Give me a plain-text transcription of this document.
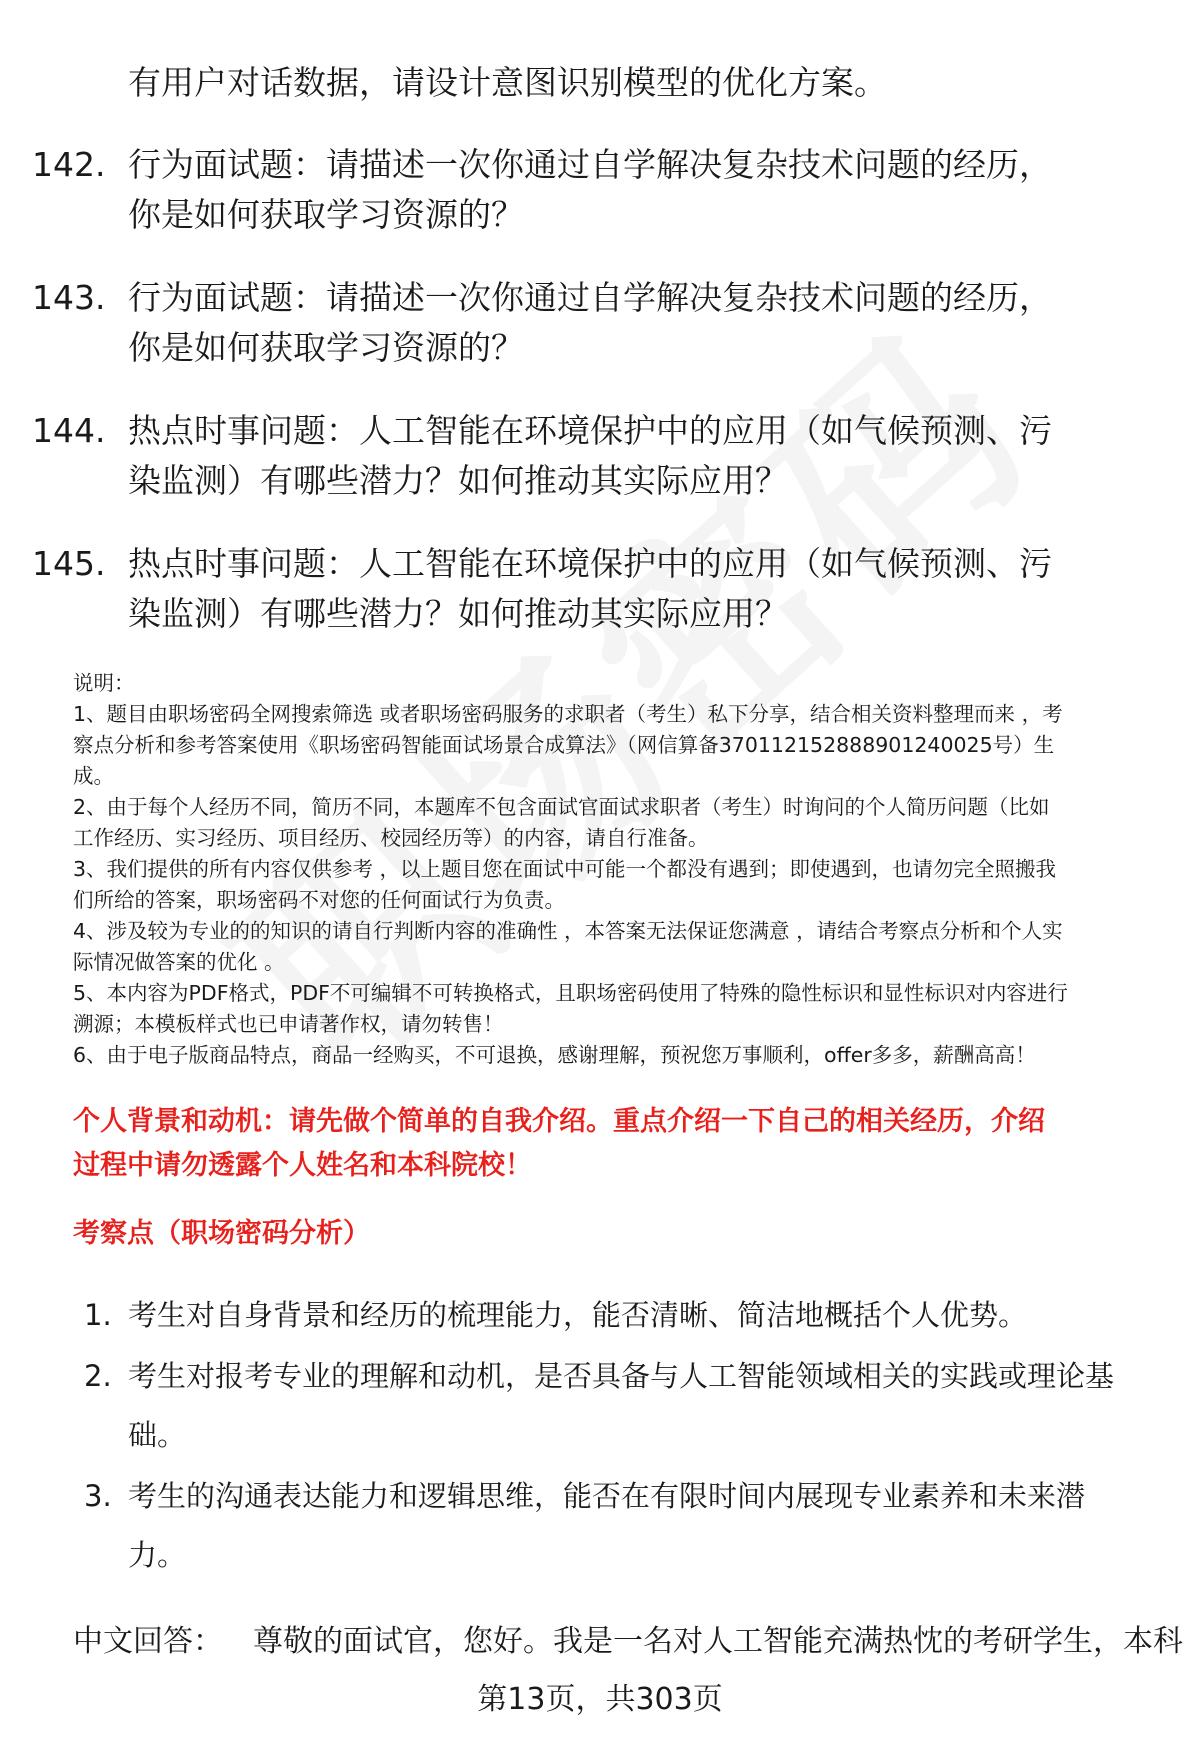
有用户对话数据，请设计意图识别模型的优化方案。
142. 行为面试题：请描述一次你通过自学解决复杂技术问题的经历，
你是如何获取学习资源的？
143. 行为面试题：请描述一次你通过自学解决复杂技术问题的经历，
你是如何获取学习资源的？
144. 热点时事问题：人工智能在环境保护中的应用（如气候预测、污
染监测）有哪些潜力？如何推动其实际应用？
145. 热点时事问题：人工智能在环境保护中的应用（如气候预测、污
染监测）有哪些潜力？如何推动其实际应用？

说明：

1、题目由职场密码全网搜索筛选 或者职场密码服务的求职者（考生）私下分享，结合相关资料整理而来 ，考

察点分析和参考答案使用《职场密码智能面试场景合成算法》（网信算备370112152888901240025号）生

成。

2、由于每个人经历不同，简历不同，本题库不包含面试官面试求职者（考生）时询问的个人简历问题（比如

工作经历、实习经历、项目经历、校园经历等）的内容，请自行准备。

3、我们提供的所有内容仅供参考 ，以上题目您在面试中可能一个都没有遇到；即使遇到，也请勿完全照搬我

们所给的答案，职场密码不对您的任何面试行为负责。

4、涉及较为专业的的知识的请自行判断内容的准确性 ，本答案无法保证您满意 ，请结合考察点分析和个人实

际情况做答案的优化 。

5、本内容为PDF格式，PDF不可编辑不可转换格式，且职场密码使用了特殊的隐性标识和显性标识对内容进行

溯源；本模板样式也已申请著作权，请勿转售！

6、由于电子版商品特点，商品一经购买，不可退换，感谢理解，预祝您万事顺利，offer多多，薪酬高高！

个人背景和动机：请先做个简单的自我介绍。重点介绍一下自己的相关经历，介绍
过程中请勿透露个人姓名和本科院校！
考察点（职场密码分析）
1. 考生对自身背景和经历的梳理能力，能否清晰、简洁地概括个人优势。
2. 考生对报考专业的理解和动机，是否具备与人工智能领域相关的实践或理论基
础。
3. 考生的沟通表达能力和逻辑思维，能否在有限时间内展现专业素养和未来潜
力。
中文回答： 尊敬的面试官，您好。我是一名对人工智能充满热忱的考研学生，本科
第13页，共303页
